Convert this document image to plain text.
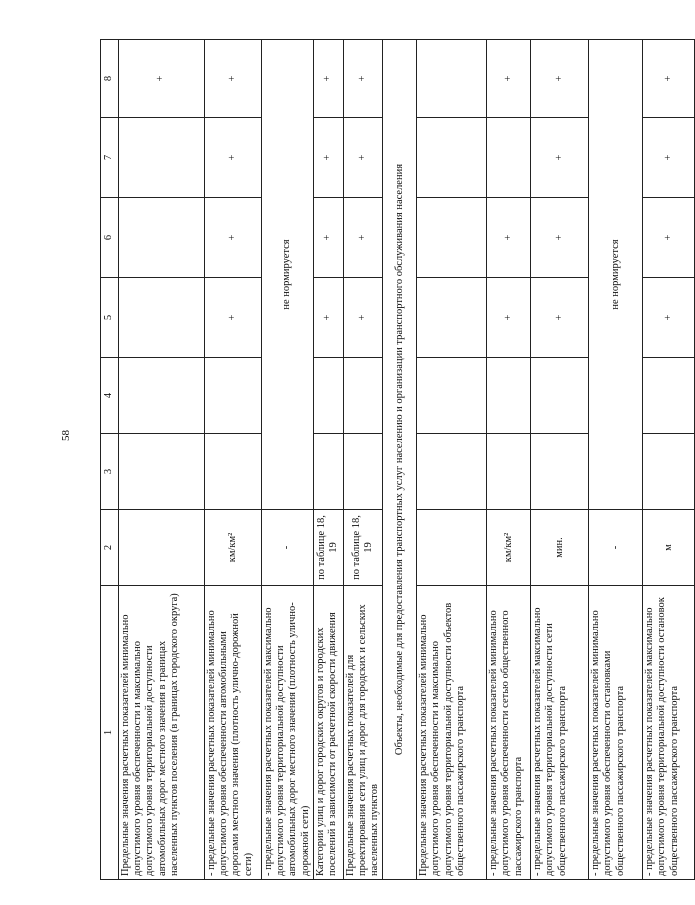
58
1	2	3	4	5	6	7	8
Предельные значения расчетных показателей минимально допустимого уровня обеспеченности и максимально допустимого уровня территориальной доступности автомобильных дорог местного значения в границах населенных пунктов поселения (в границах городского округа)							+
- предельные значения расчетных показателей минимально допустимого уровня обеспеченности автомобильными дорогами местного значения (плотность улично-дорожной сети)	км/км²			+	+	+	+
- предельные значения расчетных показателей максимально допустимого уровня территориальной доступности автомобильных дорог местного значения (плотность улично-дорожной сети)	-	не нормируется					
Категории улиц и дорог городских округов и городских поселений в зависимости от расчетной скорости движения	по таблице 18, 19			+	+	+	+
Предельные значения расчетных показателей для проектирования сети улиц и дорог для городских и сельских населенных пунктов	по таблице 18, 19			+	+	+	+
Объекты, необходимые для предоставления транспортных услуг населению и организации транспортного обслуживания населения							
Предельные значения расчетных показателей минимально допустимого уровня обеспеченности и максимально допустимого уровня территориальной доступности объектов общественного пассажирского транспорта							
- предельные значения расчетных показателей минимально допустимого уровня обеспеченности сетью общественного пассажирского транспорта	км/км²			+	+		+
- предельные значения расчетных показателей максимально допустимого уровня территориальной доступности сети общественного пассажирского транспорта	мин.			+	+	+	+
- предельные значения расчетных показателей минимально допустимого уровня обеспеченности остановками общественного пассажирского транспорта	-	не нормируется					
- предельные значения расчетных показателей максимально допустимого уровня территориальной доступности остановок общественного пассажирского транспорта	м			+	+	+	+
